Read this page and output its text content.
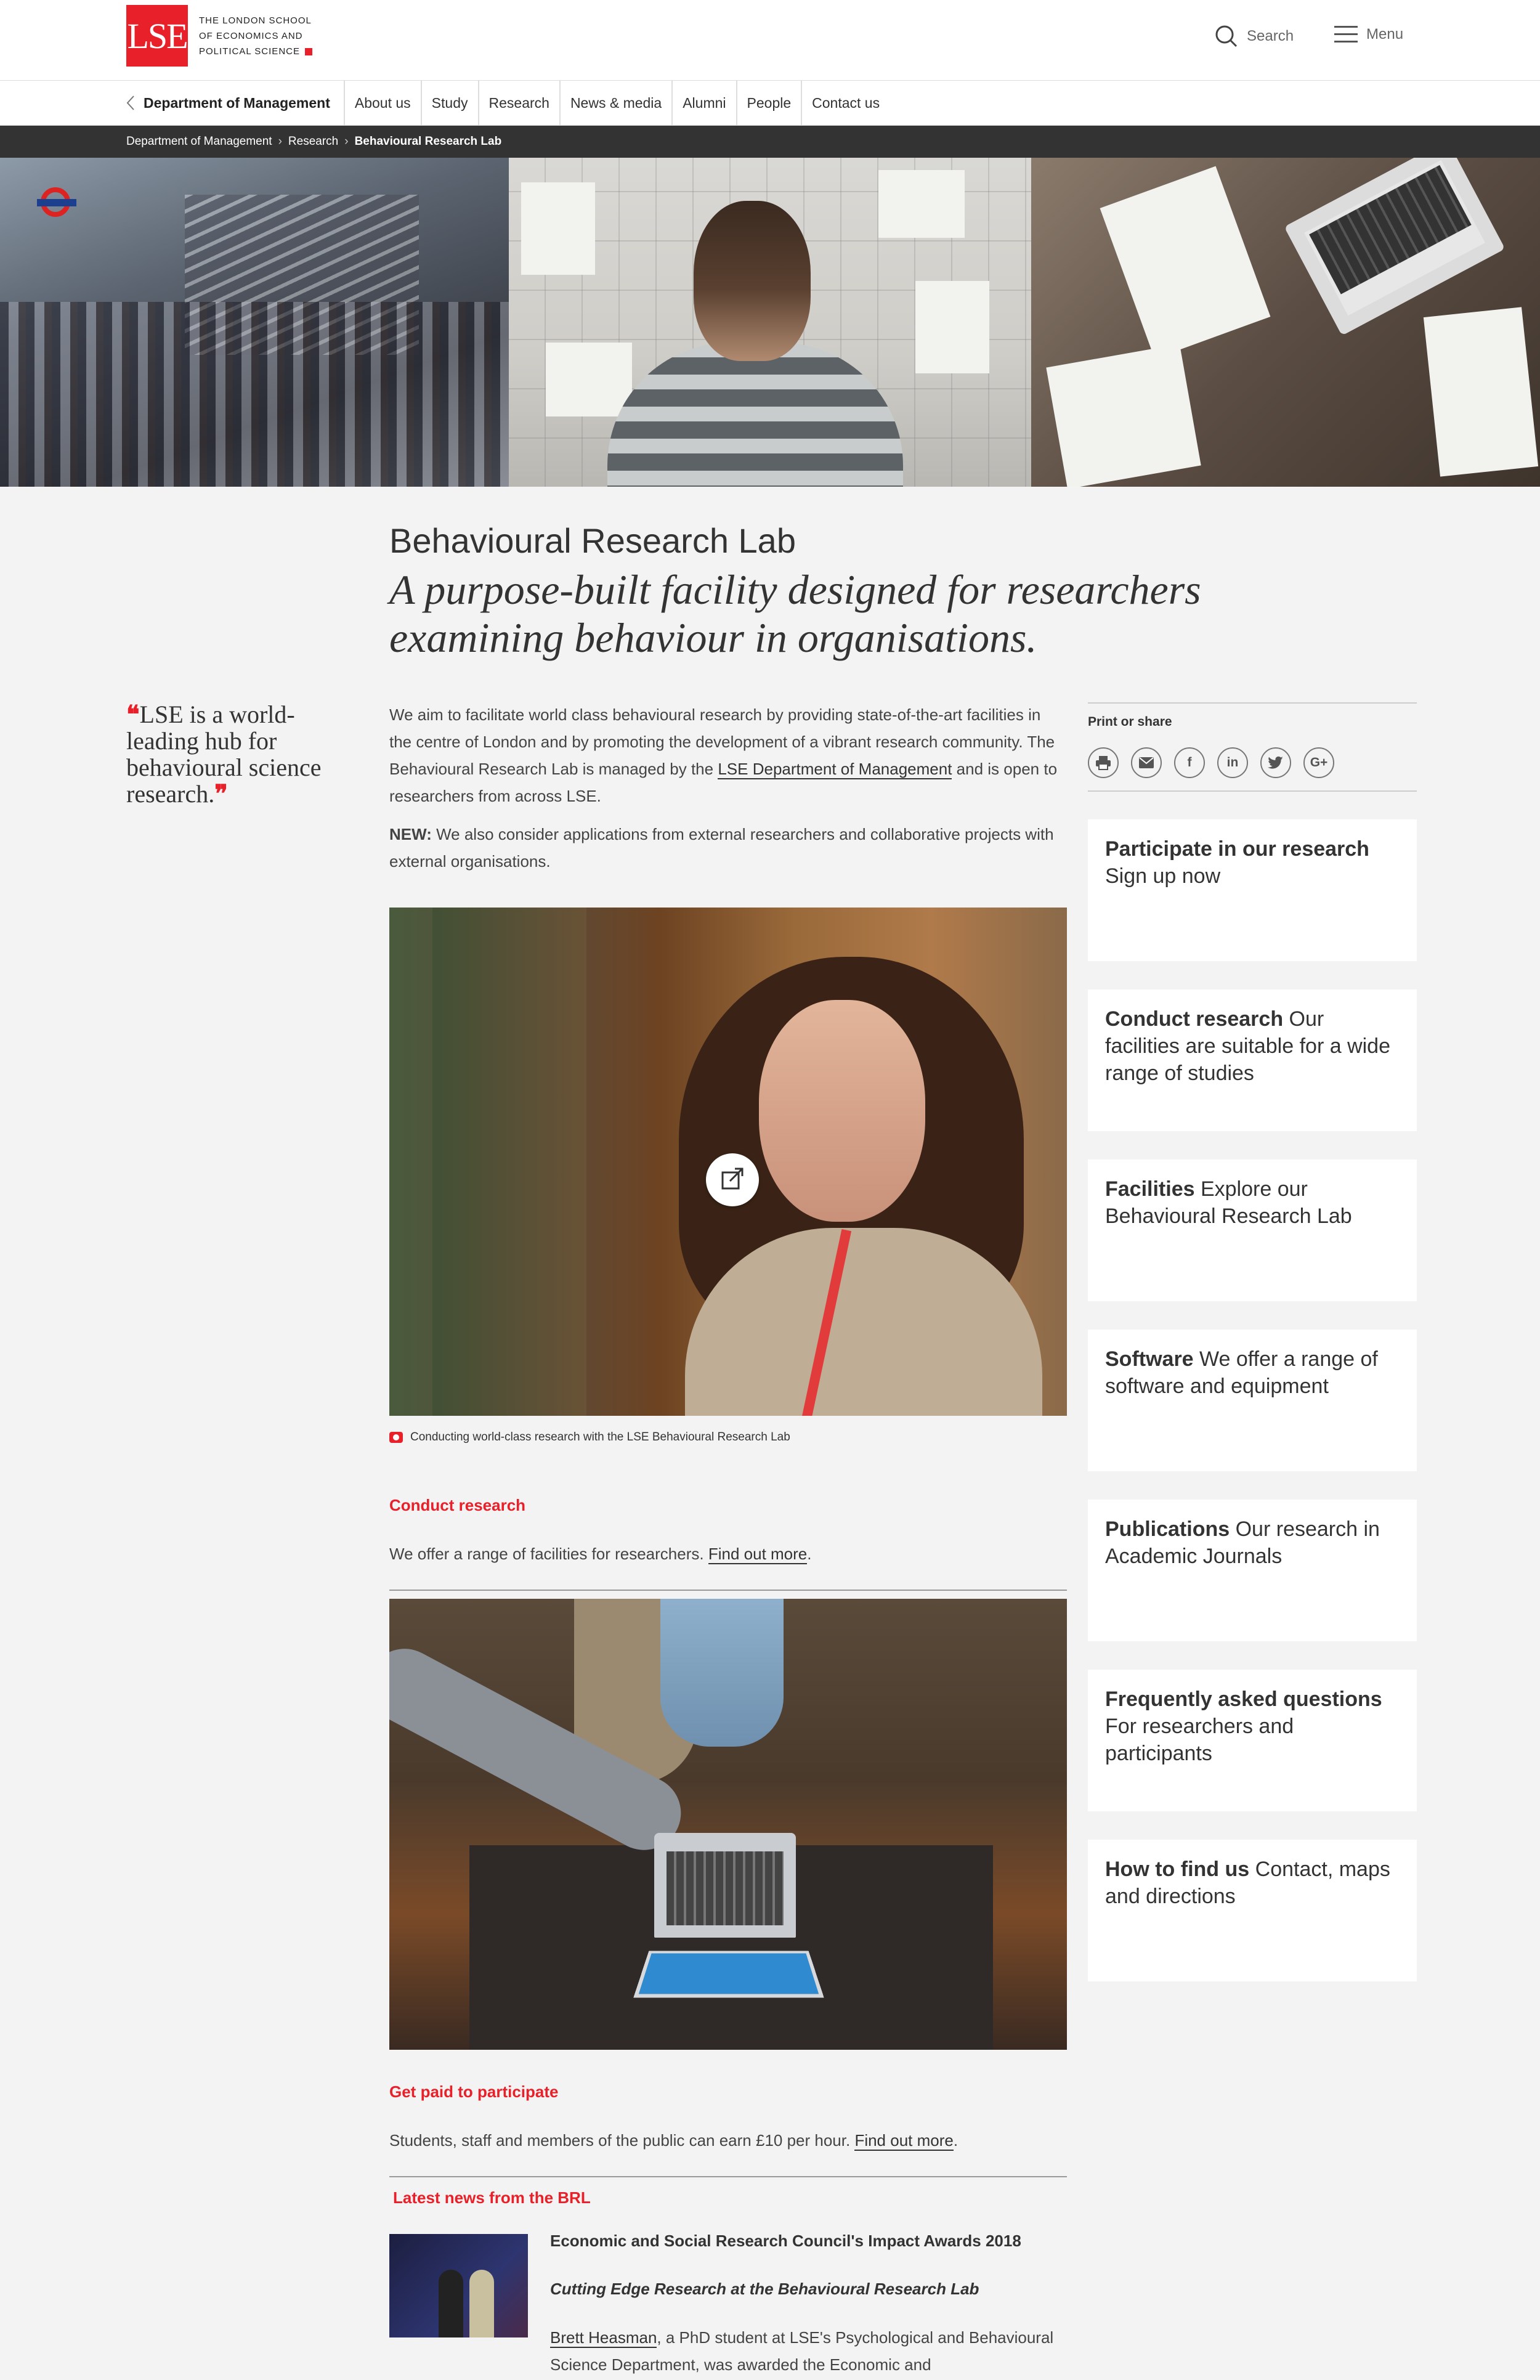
LSE THE LONDON SCHOOL
OF ECONOMICS AND
POLITICAL SCIENCE
Search	Menu
Department of Management	About us	Study	Research	News & media	Alumni	People	Contact us
Department of Management › Research › Behavioural Research Lab
Behavioural Research Lab
A purpose-built facility designed for researchers examining behaviour in organisations.
❝LSE is a world-leading hub for behavioural science research.❞

We aim to facilitate world class behavioural research by providing state-of-the-art facilities in the centre of London and by promoting the development of a vibrant research community. The Behavioural Research Lab is managed by the LSE Department of Management and is open to researchers from across LSE.

NEW: We also consider applications from external researchers and collaborative projects with external organisations.

Conducting world-class research with the LSE Behavioural Research Lab
Conduct research

We offer a range of facilities for researchers. Find out more.

Get paid to participate

Students, staff and members of the public can earn £10 per hour. Find out more.

Latest news from the BRL
Economic and Social Research Council's Impact Awards 2018
Cutting Edge Research at the Behavioural Research Lab
Brett Heasman, a PhD student at LSE's Psychological and Behavioural Science Department, was awarded the Economic and
Print or share
f	in	G+
Participate in our research
Sign up now
Conduct research Our facilities are suitable for a wide range of studies
Facilities Explore our Behavioural Research Lab
Software We offer a range of software and equipment
Publications Our research in Academic Journals
Frequently asked questions
For researchers and participants
How to find us Contact, maps and directions
